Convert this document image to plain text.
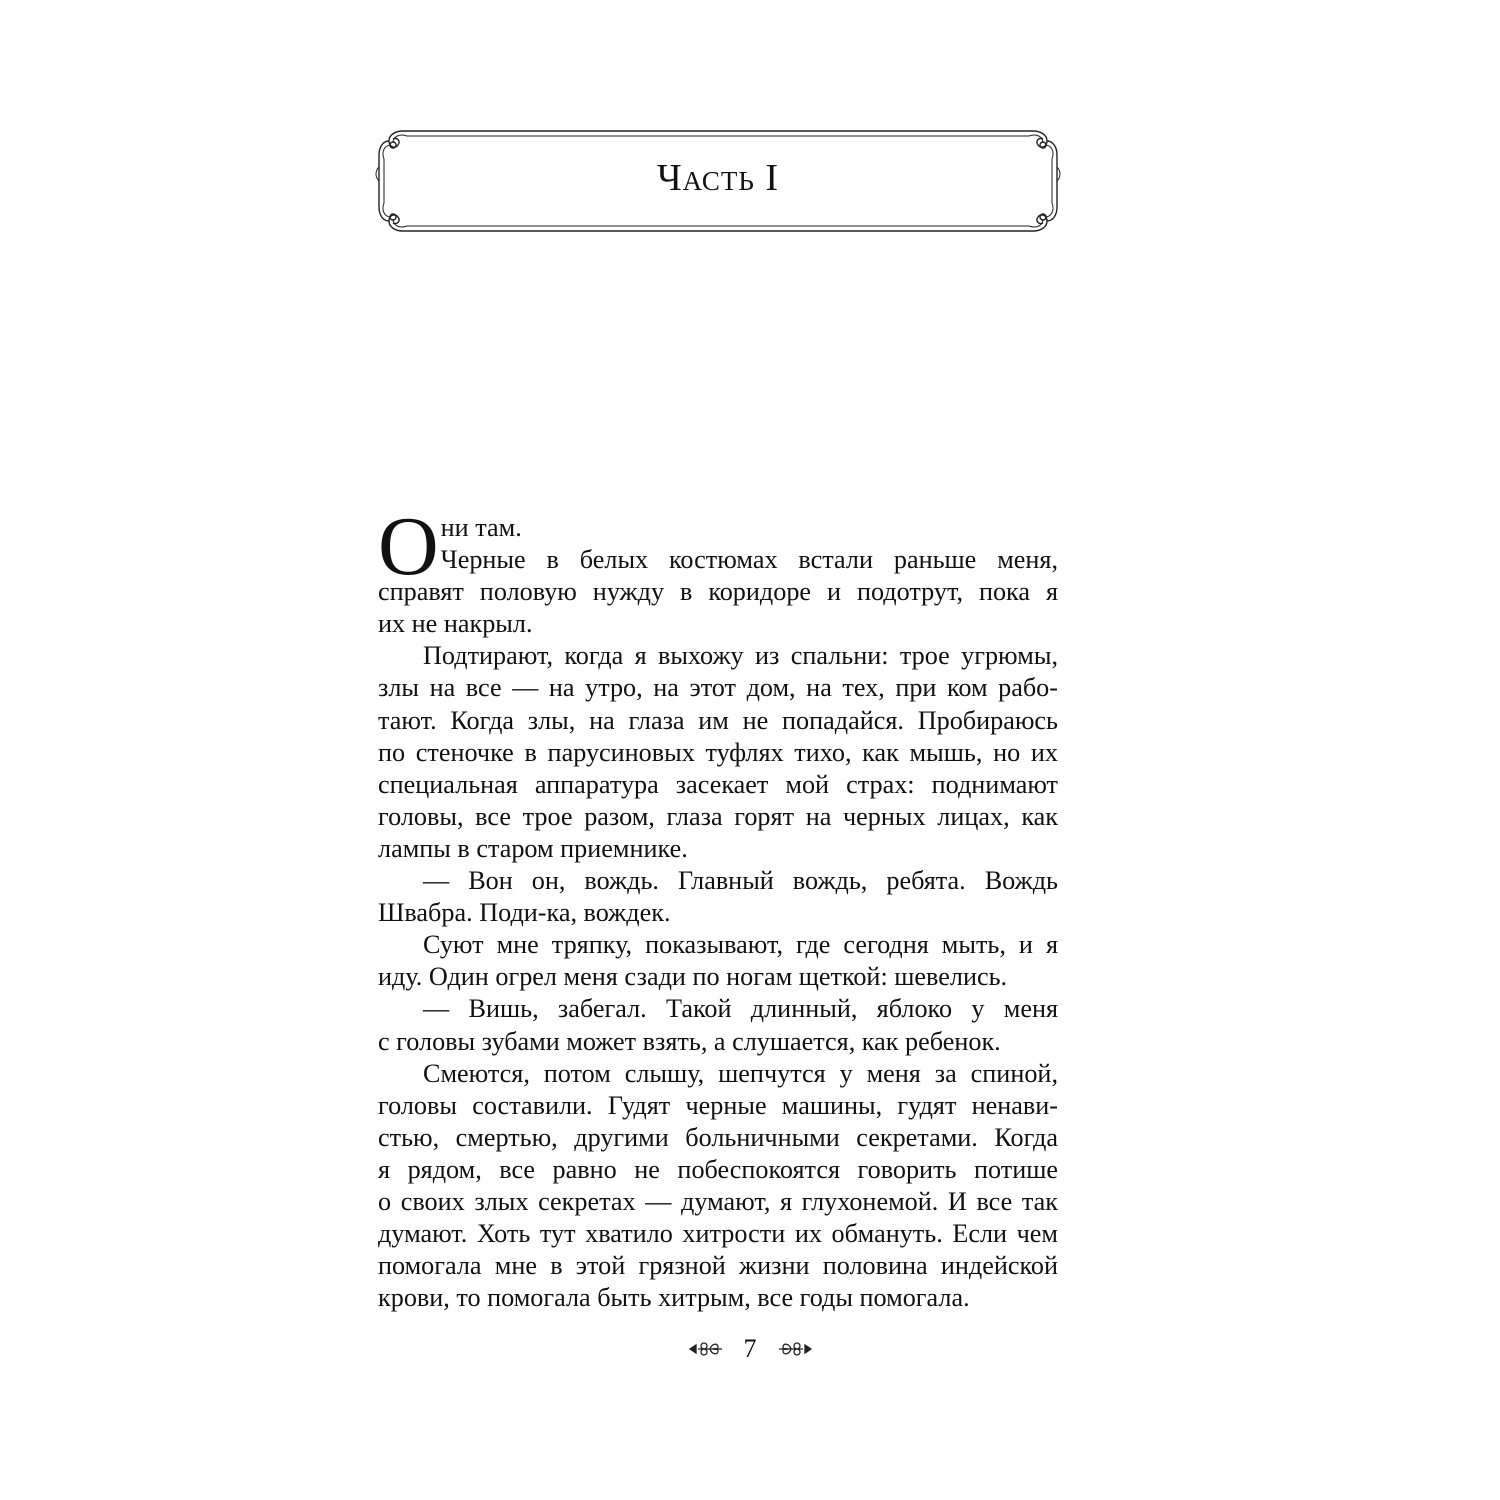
Часть I
О ни там.
Черные в белых костюмах встали раньше меня,
справят половую нужду в коридоре и подотрут, пока я
их не накрыл.
Подтирают, когда я выхожу из спальни: трое угрюмы,
злы на все — на утро, на этот дом, на тех, при ком рабо-
тают. Когда злы, на глаза им не попадайся. Пробираюсь
по стеночке в парусиновых туфлях тихо, как мышь, но их
специальная аппаратура засекает мой страх: поднимают
головы, все трое разом, глаза горят на черных лицах, как
лампы в старом приемнике.
— Вон он, вождь. Главный вождь, ребята. Вождь
Швабра. Поди-ка, вождек.
Суют мне тряпку, показывают, где сегодня мыть, и я
иду. Один огрел меня сзади по ногам щеткой: шевелись.
— Вишь, забегал. Такой длинный, яблоко у меня
с головы зубами может взять, а слушается, как ребенок.
Смеются, потом слышу, шепчутся у меня за спиной,
головы составили. Гудят черные машины, гудят ненави-
стью, смертью, другими больничными секретами. Когда
я рядом, все равно не побеспокоятся говорить потише
о своих злых секретах — думают, я глухонемой. И все так
думают. Хоть тут хватило хитрости их обмануть. Если чем
помогала мне в этой грязной жизни половина индейской
крови, то помогала быть хитрым, все годы помогала.
7
